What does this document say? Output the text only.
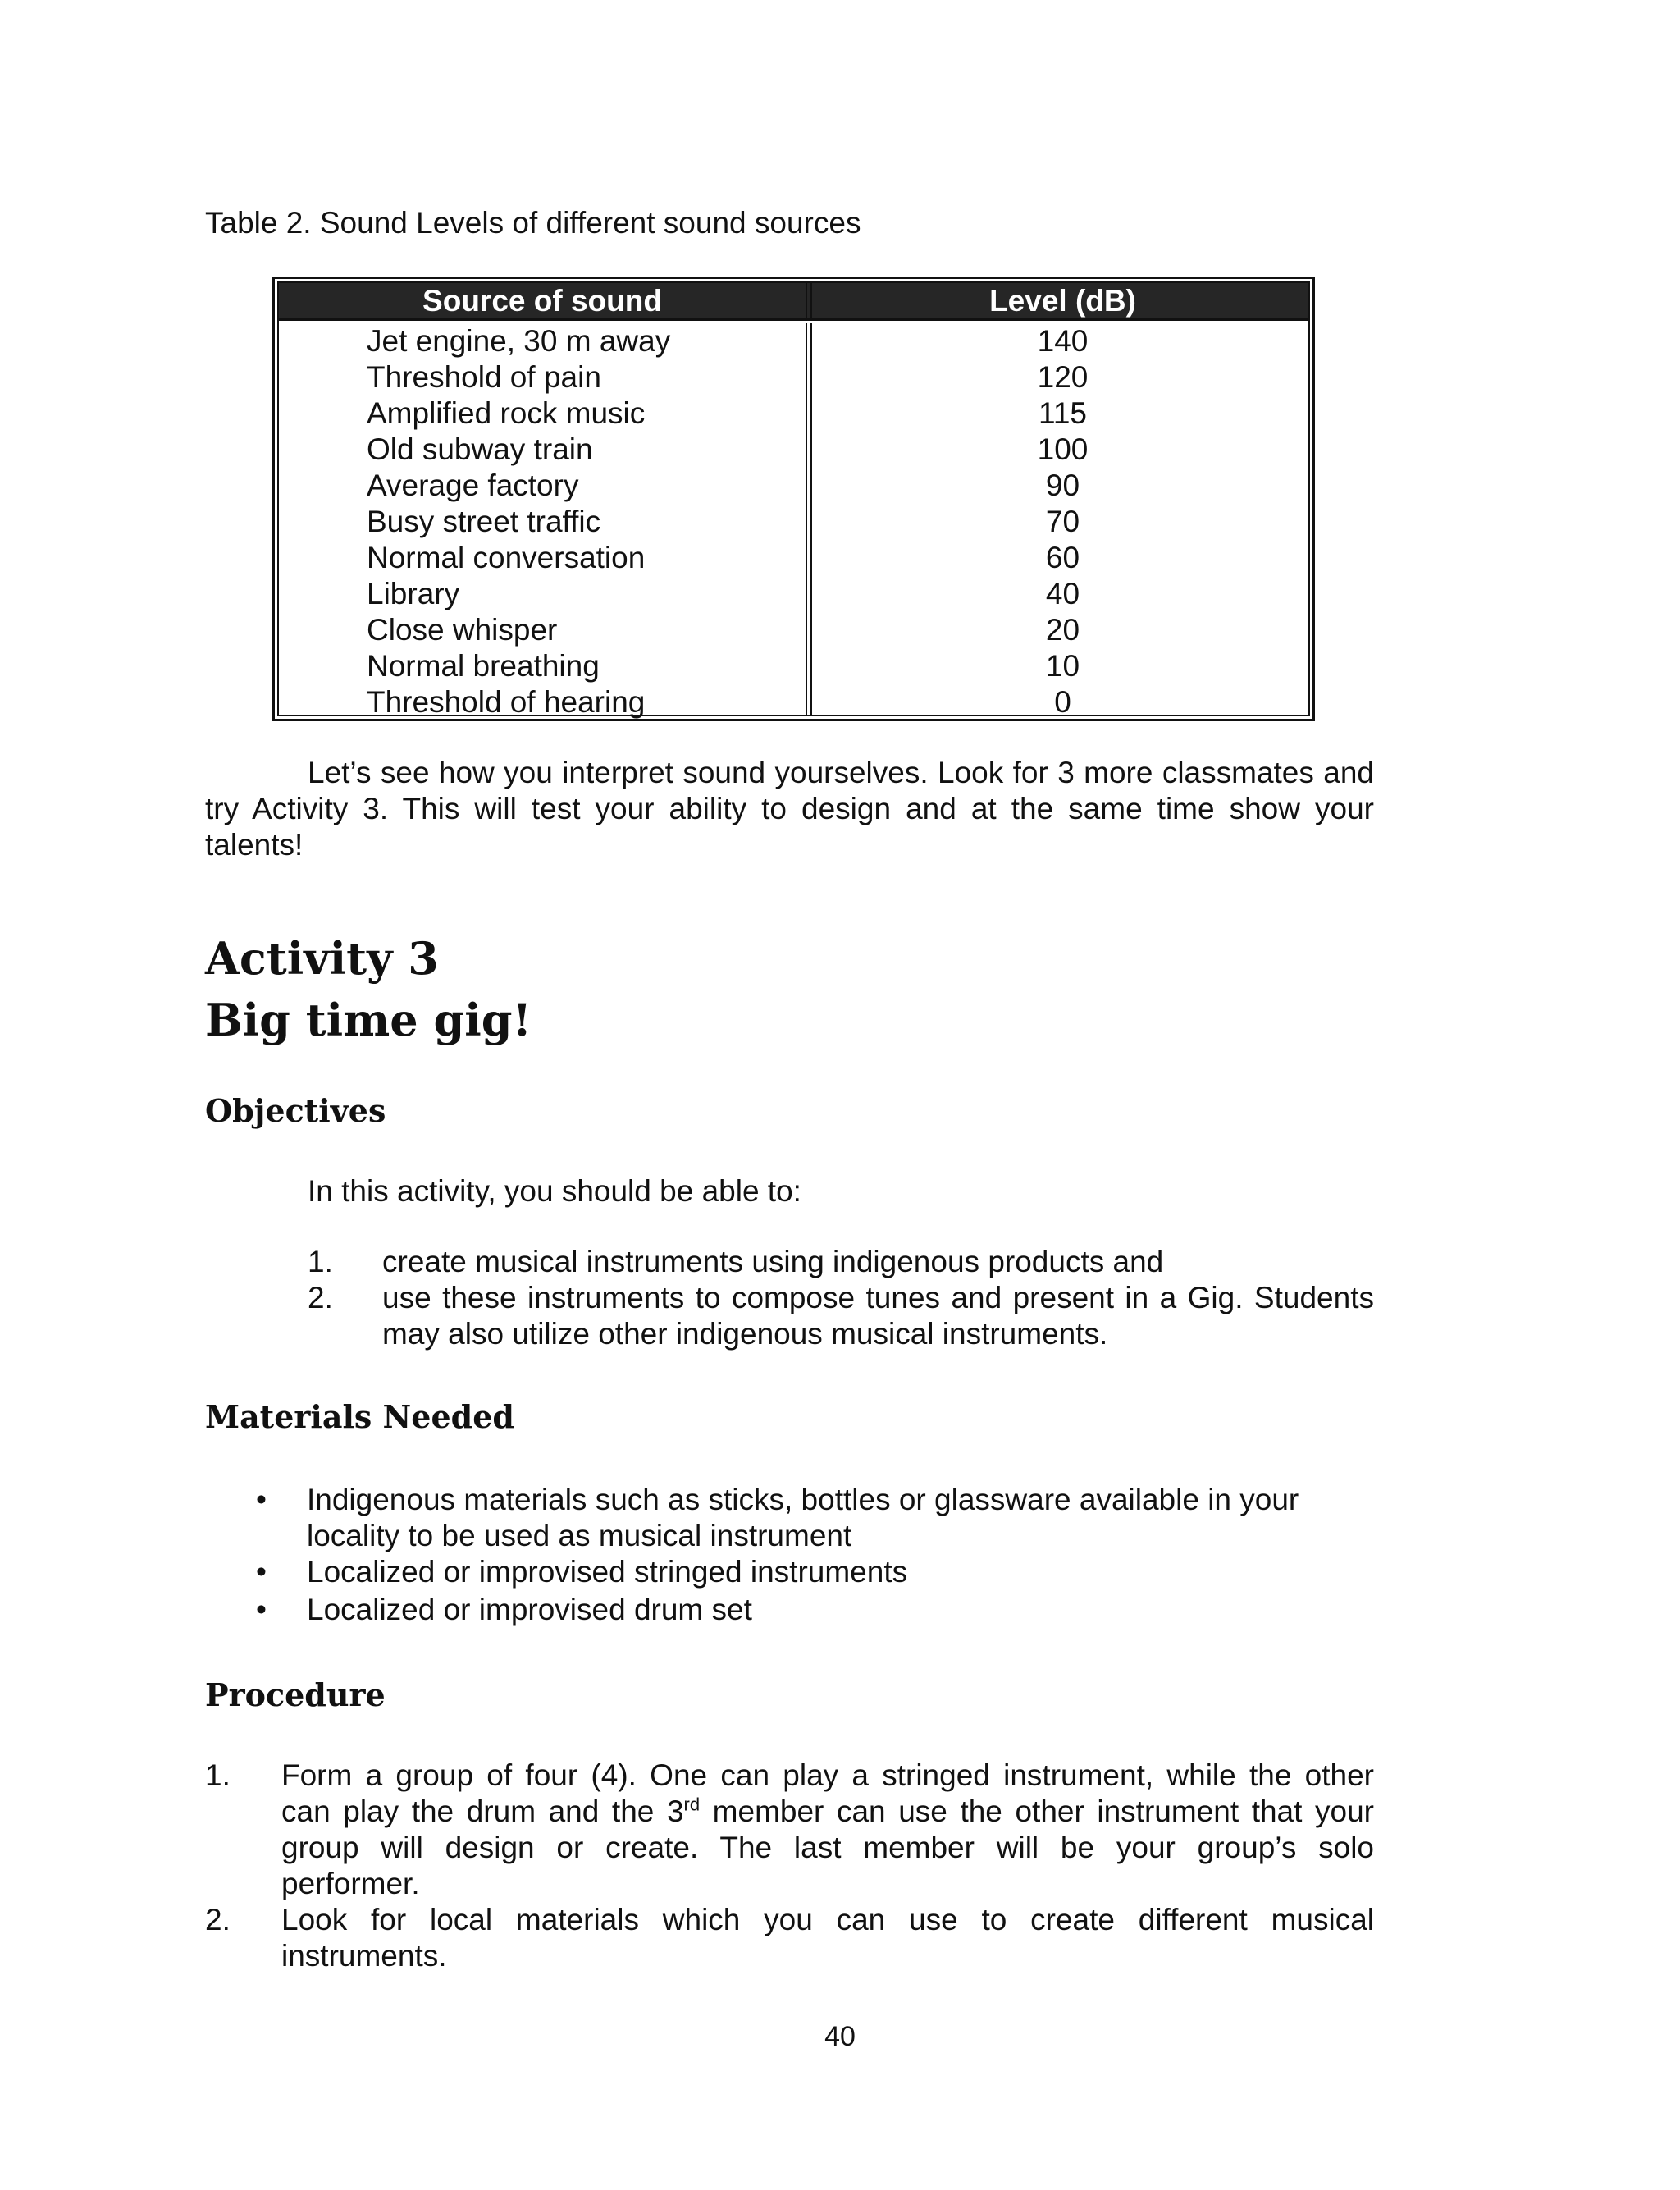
Table 2. Sound Levels of different sound sources
Source of sound	Level (dB)
Jet engine, 30 m away	140
Threshold of pain	120
Amplified rock music	115
Old subway train	100
Average factory	90
Busy street traffic	70
Normal conversation	60
Library	40
Close whisper	20
Normal breathing	10
Threshold of hearing	0
Let’s see how you interpret sound yourselves. Look for 3 more classmates and try Activity 3. This will test your ability to design and at the same time show your talents!
Activity 3
Big time gig!
Objectives
In this activity, you should be able to:
1. create musical instruments using indigenous products and
2. use these instruments to compose tunes and present in a Gig. Students
may also utilize other indigenous musical instruments.
Materials Needed
• Indigenous materials such as sticks, bottles or glassware available in your
locality to be used as musical instrument
• Localized or improvised stringed instruments
• Localized or improvised drum set
Procedure
1. Form a group of four (4). One can play a stringed instrument, while the other
can play the drum and the 3rd member can use the other instrument that your
group will design or create. The last member will be your group’s solo
performer.
2. Look for local materials which you can use to create different musical
instruments.
40
